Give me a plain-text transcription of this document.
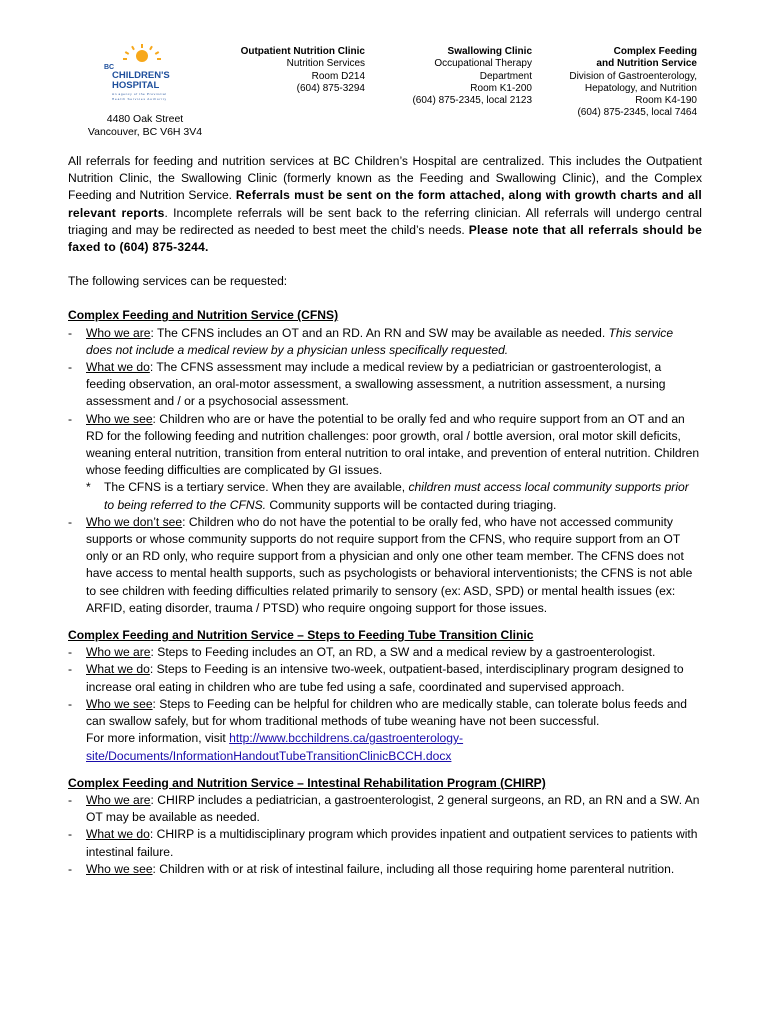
BC
CHILDREN'S
HOSPITAL
An agency of the Provincial
Health Services Authority
4480 Oak Street
Vancouver, BC V6H 3V4
Outpatient Nutrition Clinic
Nutrition Services
Room D214
(604) 875-3294
Swallowing Clinic
Occupational Therapy
Department
Room K1-200
(604) 875-2345, local 2123
Complex Feeding
and Nutrition Service
Division of Gastroenterology,
Hepatology, and Nutrition
Room K4-190
(604) 875-2345, local 7464

All referrals for feeding and nutrition services at BC Children’s Hospital are centralized. This includes the Outpatient Nutrition Clinic, the Swallowing Clinic (formerly known as the Feeding and Swallowing Clinic), and the Complex Feeding and Nutrition Service. Referrals must be sent on the form attached, along with growth charts and all relevant reports. Incomplete referrals will be sent back to the referring clinician. All referrals will undergo central triaging and may be redirected as needed to best meet the child’s needs. Please note that all referrals should be faxed to (604) 875-3244.

The following services can be requested:

Complex Feeding and Nutrition Service (CFNS)

- Who we are: The CFNS includes an OT and an RD. An RN and SW may be available as needed. This service does not include a medical review by a physician unless specifically requested.
- What we do: The CFNS assessment may include a medical review by a pediatrician or gastroenterologist, a feeding observation, an oral-motor assessment, a swallowing assessment, a nutrition assessment, a nursing assessment and / or a psychosocial assessment.
- Who we see: Children who are or have the potential to be orally fed and who require support from an OT and an RD for the following feeding and nutrition challenges: poor growth, oral / bottle aversion, oral motor skill deficits, weaning enteral nutrition, transition from enteral nutrition to oral intake, and prevention of enteral nutrition. Children whose feeding difficulties are complicated by GI issues.
* The CFNS is a tertiary service. When they are available, children must access local community supports prior to being referred to the CFNS. Community supports will be contacted during triaging.
- Who we don’t see: Children who do not have the potential to be orally fed, who have not accessed community supports or whose community supports do not require support from the CFNS, who require support from an OT only or an RD only, who require support from a physician and only one other team member. The CFNS does not have access to mental health supports, such as psychologists or behavioral interventionists; the CFNS is not able to see children with feeding difficulties related primarily to sensory (ex: ASD, SPD) or mental health issues (ex: ARFID, eating disorder, trauma / PTSD) who require ongoing support for those issues.

Complex Feeding and Nutrition Service – Steps to Feeding Tube Transition Clinic

- Who we are: Steps to Feeding includes an OT, an RD, a SW and a medical review by a gastroenterologist.
- What we do: Steps to Feeding is an intensive two-week, outpatient-based, interdisciplinary program designed to increase oral eating in children who are tube fed using a safe, coordinated and supervised approach.
- Who we see: Steps to Feeding can be helpful for children who are medically stable, can tolerate bolus feeds and can swallow safely, but for whom traditional methods of tube weaning have not been successful.
For more information, visit http://www.bcchildrens.ca/gastroenterology-
site/Documents/InformationHandoutTubeTransitionClinicBCCH.docx

Complex Feeding and Nutrition Service – Intestinal Rehabilitation Program (CHIRP)

- Who we are: CHIRP includes a pediatrician, a gastroenterologist, 2 general surgeons, an RD, an RN and a SW. An OT may be available as needed.
- What we do: CHIRP is a multidisciplinary program which provides inpatient and outpatient services to patients with intestinal failure.
- Who we see: Children with or at risk of intestinal failure, including all those requiring home parenteral nutrition.
